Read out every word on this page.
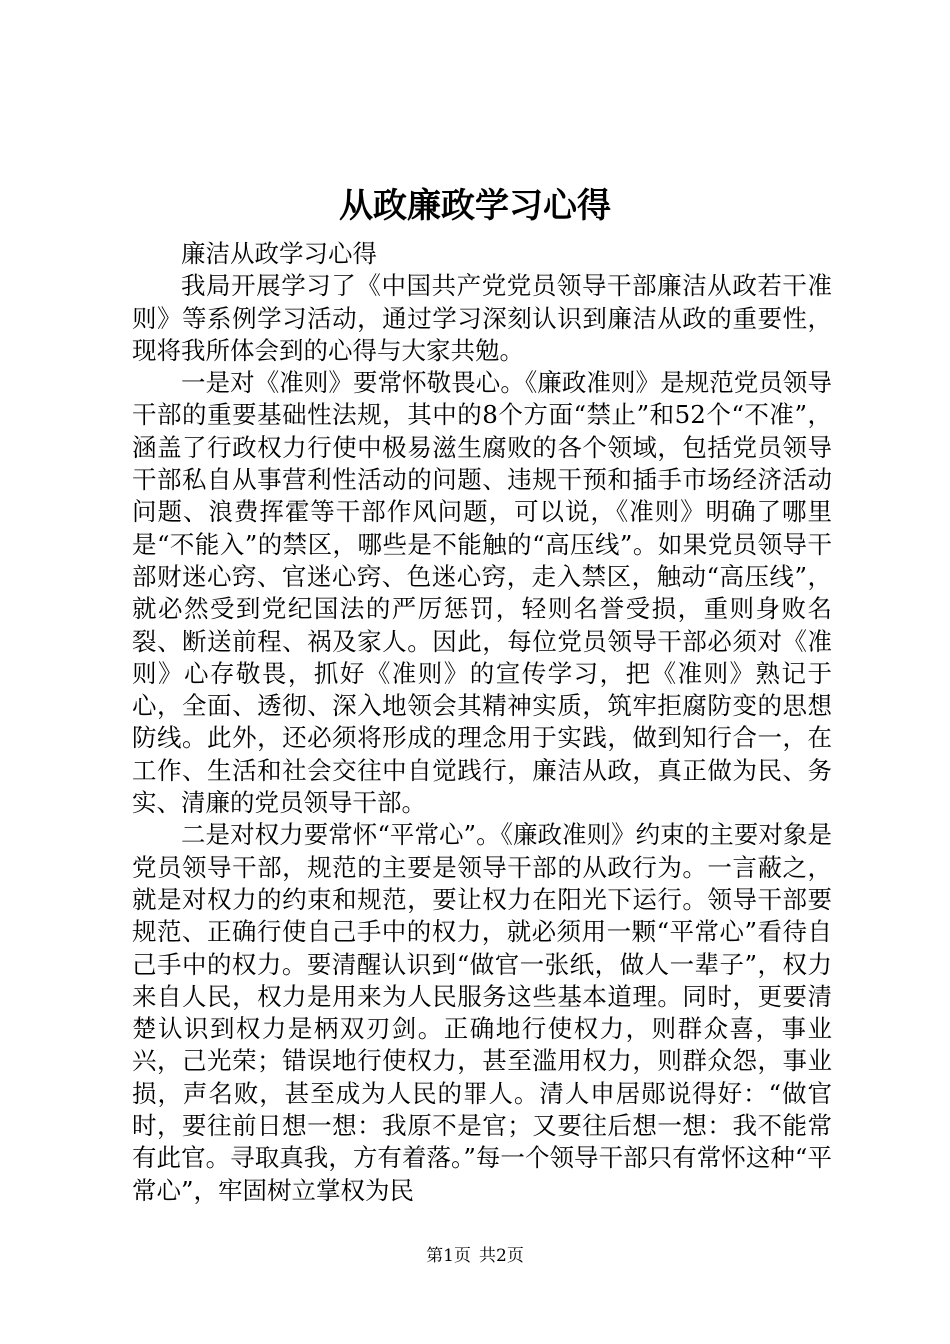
从政廉政学习心得

廉洁从政学习心得

我局开展学习了《中国共产党党员领导干部廉洁从政若干准则》等系例学习活动，通过学习深刻认识到廉洁从政的重要性，现将我所体会到的心得与大家共勉。

一是对《准则》要常怀敬畏心。《廉政准则》是规范党员领导干部的重要基础性法规，其中的8个方面“禁止”和52个“不准”，涵盖了行政权力行使中极易滋生腐败的各个领域，包括党员领导干部私自从事营利性活动的问题、违规干预和插手市场经济活动问题、浪费挥霍等干部作风问题，可以说，《准则》明确了哪里是“不能入”的禁区，哪些是不能触的“高压线”。如果党员领导干部财迷心窍、官迷心窍、色迷心窍，走入禁区，触动“高压线”，就必然受到党纪国法的严厉惩罚，轻则名誉受损，重则身败名裂、断送前程、祸及家人。因此，每位党员领导干部必须对《准则》心存敬畏，抓好《准则》的宣传学习，把《准则》熟记于心，全面、透彻、深入地领会其精神实质，筑牢拒腐防变的思想防线。此外，还必须将形成的理念用于实践，做到知行合一，在工作、生活和社会交往中自觉践行，廉洁从政，真正做为民、务实、清廉的党员领导干部。

二是对权力要常怀“平常心”。《廉政准则》约束的主要对象是党员领导干部，规范的主要是领导干部的从政行为。一言蔽之，就是对权力的约束和规范，要让权力在阳光下运行。领导干部要规范、正确行使自己手中的权力，就必须用一颗“平常心”看待自己手中的权力。要清醒认识到“做官一张纸，做人一辈子”，权力来自人民，权力是用来为人民服务这些基本道理。同时，更要清楚认识到权力是柄双刃剑。正确地行使权力，则群众喜，事业兴，己光荣；错误地行使权力，甚至滥用权力，则群众怨，事业损，声名败，甚至成为人民的罪人。清人申居郧说得好：“做官时，要往前日想一想：我原不是官；又要往后想一想：我不能常有此官。寻取真我，方有着落。”每一个领导干部只有常怀这种“平常心”，牢固树立掌权为民

第1页 共2页
